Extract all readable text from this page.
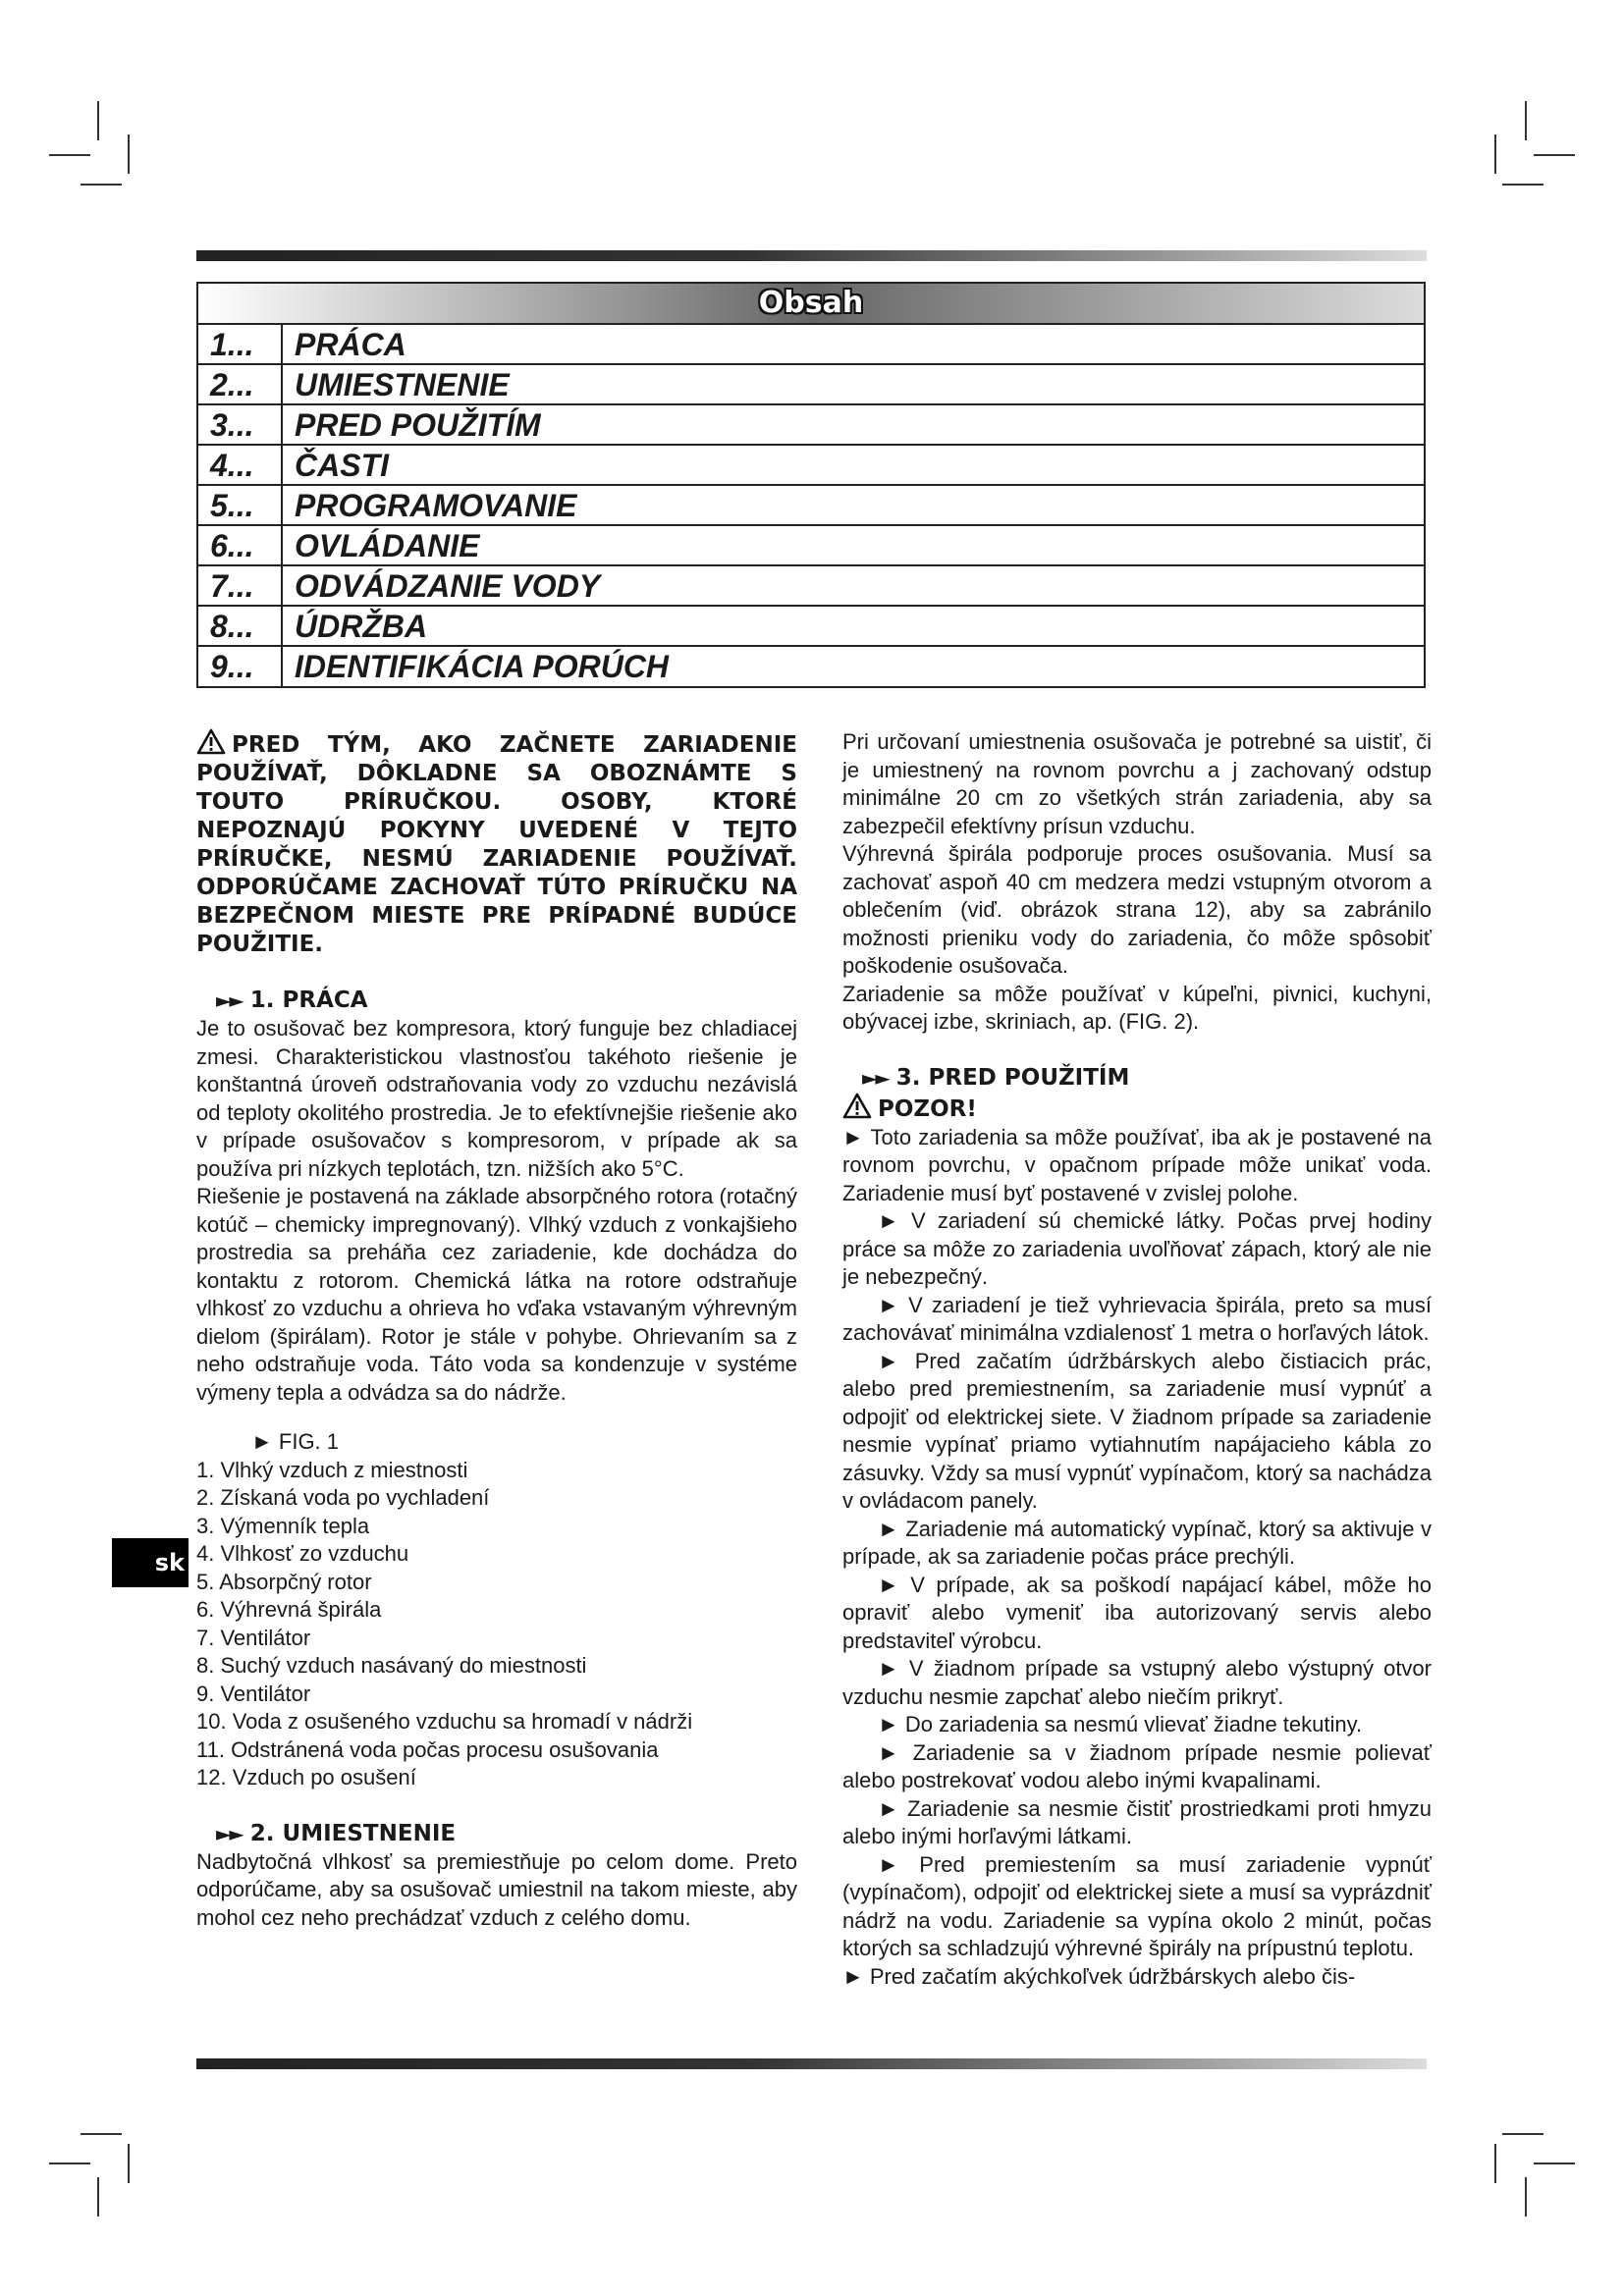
Obsah
1...	PRÁCA
2...	UMIESTNENIE
3...	PRED POUŽITÍM
4...	ČASTI
5...	PROGRAMOVANIE
6...	OVLÁDANIE
7...	ODVÁDZANIE VODY
8...	ÚDRŽBA
9...	IDENTIFIKÁCIA PORÚCH

PRED TÝM, AKO ZAČNETE ZARIADENIE POUŽÍVAŤ, DÔKLADNE SA OBOZNÁMTE S TOUTO PRÍRUČKOU. OSOBY, KTORÉ NEPOZNAJÚ POKYNY UVEDENÉ V TEJTO PRÍRUČKE, NESMÚ ZARIADENIE POUŽÍVAŤ. ODPORÚČAME ZACHOVAŤ TÚTO PRÍRUČKU NA BEZPEČNOM MIESTE PRE PRÍPADNÉ BUDÚCE POUŽITIE.

►► 1. PRÁCA

Je to osušovač bez kompresora, ktorý funguje bez chladiacej zmesi. Charakteristickou vlastnosťou takéhoto riešenie je konštantná úroveň odstraňovania vody zo vzduchu nezávislá od teploty okolitého prostredia. Je to efektívnejšie riešenie ako v prípade osušovačov s kompresorom, v prípade ak sa používa pri nízkych teplotách, tzn. nižších ako 5°C.

Riešenie je postavená na základe absorpčného rotora (rotačný kotúč – chemicky impregnovaný). Vlhký vzduch z vonkajšieho prostredia sa preháňa cez zariadenie, kde dochádza do kontaktu z rotorom. Chemická látka na rotore odstraňuje vlhkosť zo vzduchu a ohrieva ho vďaka vstavaným výhrevným dielom (špirálam). Rotor je stále v pohybe. Ohrievaním sa z neho odstraňuje voda. Táto voda sa kondenzuje v systéme výmeny tepla a odvádza sa do nádrže.

► FIG. 1

1. Vlhký vzduch z miestnosti
2. Získaná voda po vychladení
3. Výmenník tepla
4. Vlhkosť zo vzduchu
5. Absorpčný rotor
6. Výhrevná špirála
7. Ventilátor
8. Suchý vzduch nasávaný do miestnosti
9. Ventilátor
10. Voda z osušeného vzduchu sa hromadí v nádrži
11. Odstránená voda počas procesu osušovania
12. Vzduch po osušení

►► 2. UMIESTNENIE

Nadbytočná vlhkosť sa premiestňuje po celom dome. Preto odporúčame, aby sa osušovač umiestnil na takom mieste, aby mohol cez neho prechádzať vzduch z celého domu.

sk

Pri určovaní umiestnenia osušovača je potrebné sa uistiť, či je umiestnený na rovnom povrchu a j zachovaný odstup minimálne 20 cm zo všetkých strán zariadenia, aby sa zabezpečil efektívny prísun vzduchu.

Výhrevná špirála podporuje proces osušovania. Musí sa zachovať aspoň 40 cm medzera medzi vstupným otvorom a oblečením (viď. obrázok strana 12), aby sa zabránilo možnosti prieniku vody do zariadenia, čo môže spôsobiť poškodenie osušovača.

Zariadenie sa môže používať v kúpeľni, pivnici, kuchyni, obývacej izbe, skriniach, ap. (FIG. 2).

►► 3. PRED POUŽITÍM

POZOR!

► Toto zariadenia sa môže používať, iba ak je postavené na rovnom povrchu, v opačnom prípade môže unikať voda. Zariadenie musí byť postavené v zvislej polohe.

► V zariadení sú chemické látky. Počas prvej hodiny práce sa môže zo zariadenia uvoľňovať zápach, ktorý ale nie je nebezpečný.

► V zariadení je tiež vyhrievacia špirála, preto sa musí zachovávať minimálna vzdialenosť 1 metra o horľavých látok.

► Pred začatím údržbárskych alebo čistiacich prác, alebo pred premiestnením, sa zariadenie musí vypnúť a odpojiť od elektrickej siete. V žiadnom prípade sa zariadenie nesmie vypínať priamo vytiahnutím napájacieho kábla zo zásuvky. Vždy sa musí vypnúť vypínačom, ktorý sa nachádza v ovládacom panely.

► Zariadenie má automatický vypínač, ktorý sa aktivuje v prípade, ak sa zariadenie počas práce prechýli.

► V prípade, ak sa poškodí napájací kábel, môže ho opraviť alebo vymeniť iba autorizovaný servis alebo predstaviteľ výrobcu.

► V žiadnom prípade sa vstupný alebo výstupný otvor vzduchu nesmie zapchať alebo niečím prikryť.

► Do zariadenia sa nesmú vlievať žiadne tekutiny.

► Zariadenie sa v žiadnom prípade nesmie polievať alebo postrekovať vodou alebo inými kvapalinami.

► Zariadenie sa nesmie čistiť prostriedkami proti hmyzu alebo inými horľavými látkami.

► Pred premiestením sa musí zariadenie vypnúť (vypínačom), odpojiť od elektrickej siete a musí sa vyprázdniť nádrž na vodu. Zariadenie sa vypína okolo 2 minút, počas ktorých sa schladzujú výhrevné špirály na prípustnú teplotu.

► Pred začatím akýchkoľvek údržbárskych alebo čis-
